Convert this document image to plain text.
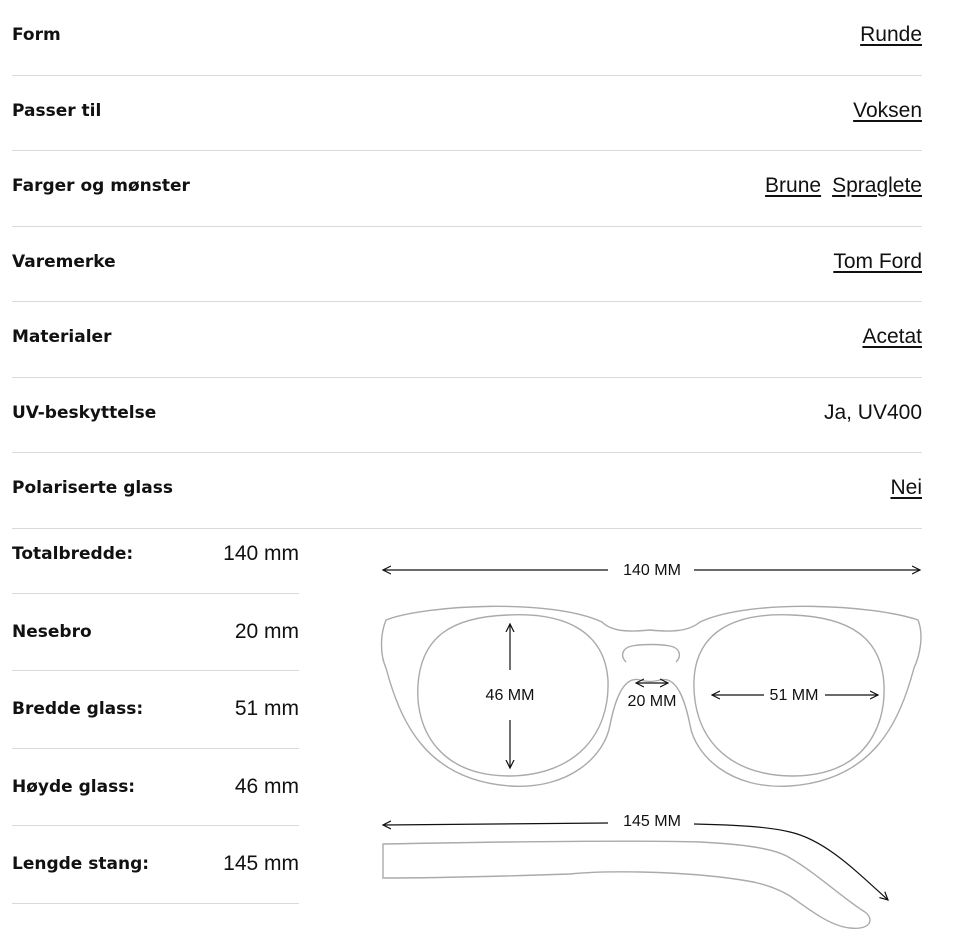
Form	Runde
Passer til	Voksen
Farger og mønster	Brune Spraglete
Varemerke	Tom Ford
Materialer	Acetat
UV-beskyttelse	Ja, UV400
Polariserte glass	Nei
Totalbredde:	140 mm
Nesebro	20 mm
Bredde glass:	51 mm
Høyde glass:	46 mm
Lengde stang:	145 mm
140 MM
46 MM	20 MM	51 MM
145 MM
